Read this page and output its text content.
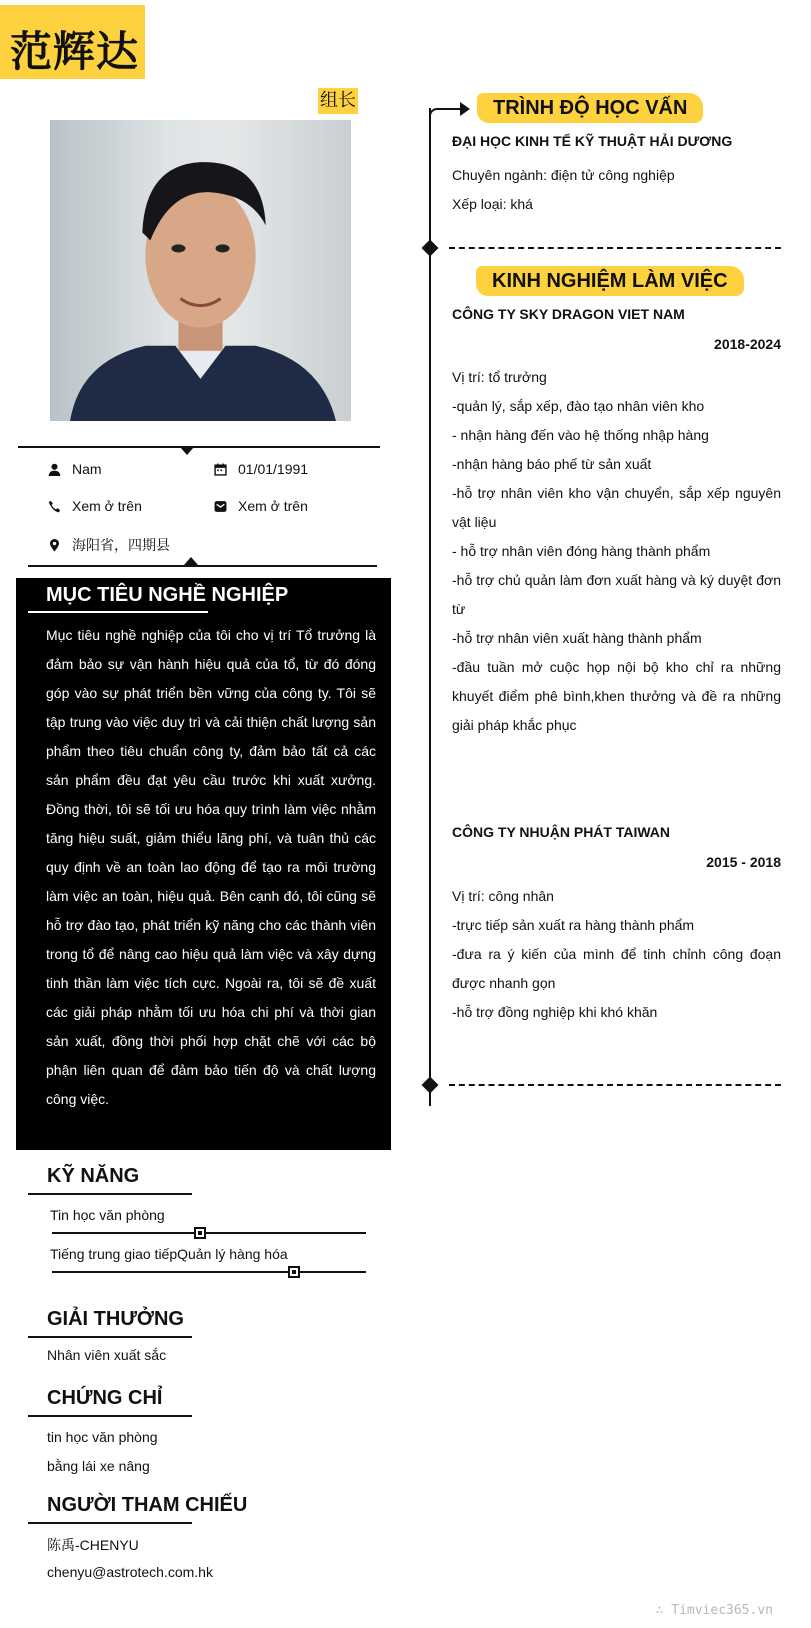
范辉达
组长
Nam	01/01/1991
Xem ở trên	Xem ở trên
海阳省，四期县
MỤC TIÊU NGHỀ NGHIỆP
Mục tiêu nghề nghiệp của tôi cho vị trí Tổ trưởng là đảm bảo sự vận hành hiệu quả của tổ, từ đó đóng góp vào sự phát triển bền vững của công ty. Tôi sẽ tập trung vào việc duy trì và cải thiện chất lượng sản phẩm theo tiêu chuẩn công ty, đảm bảo tất cả các sản phẩm đều đạt yêu cầu trước khi xuất xưởng. Đồng thời, tôi sẽ tối ưu hóa quy trình làm việc nhằm tăng hiệu suất, giảm thiểu lãng phí, và tuân thủ các quy định về an toàn lao động để tạo ra môi trường làm việc an toàn, hiệu quả. Bên cạnh đó, tôi cũng sẽ hỗ trợ đào tạo, phát triển kỹ năng cho các thành viên trong tổ để nâng cao hiệu quả làm việc và xây dựng tinh thần làm việc tích cực. Ngoài ra, tôi sẽ đề xuất các giải pháp nhằm tối ưu hóa chi phí và thời gian sản xuất, đồng thời phối hợp chặt chẽ với các bộ phận liên quan để đảm bảo tiến độ và chất lượng công việc.
KỸ NĂNG
Tin học văn phòng
Tiếng trung giao tiếpQuản lý hàng hóa
GIẢI THƯỞNG
Nhân viên xuất sắc
CHỨNG CHỈ
tin học văn phòng
bằng lái xe nâng
NGƯỜI THAM CHIẾU
陈禹-CHENYU
chenyu@astrotech.com.hk
TRÌNH ĐỘ HỌC VẤN
ĐẠI HỌC KINH TẾ KỸ THUẬT HẢI DƯƠNG
Chuyên ngành: điện tử công nghiệp
Xếp loại: khá
KINH NGHIỆM LÀM VIỆC
CÔNG TY SKY DRAGON VIET NAM
2018-2024
Vị trí: tổ trưởng
-quản lý, sắp xếp, đào tạo nhân viên kho
- nhận hàng đến vào hệ thống nhập hàng
-nhận hàng báo phế từ sản xuất
-hỗ trợ nhân viên kho vận chuyển, sắp xếp nguyên vật liệu
- hỗ trợ nhân viên đóng hàng thành phẩm
-hỗ trợ chủ quản làm đơn xuất hàng và ký duyệt đơn từ
-hỗ trợ nhân viên xuất hàng thành phẩm
-đầu tuần mở cuộc họp nội bộ kho chỉ ra những khuyết điểm phê bình,khen thưởng và đề ra những giải pháp khắc phục
CÔNG TY NHUẬN PHÁT TAIWAN
2015 - 2018
Vị trí: công nhân
-trực tiếp sản xuất ra hàng thành phẩm
-đưa ra ý kiến của mình để tinh chỉnh công đoạn được nhanh gọn
-hỗ trợ đồng nghiệp khi khó khăn
∴ Timviec365.vn
